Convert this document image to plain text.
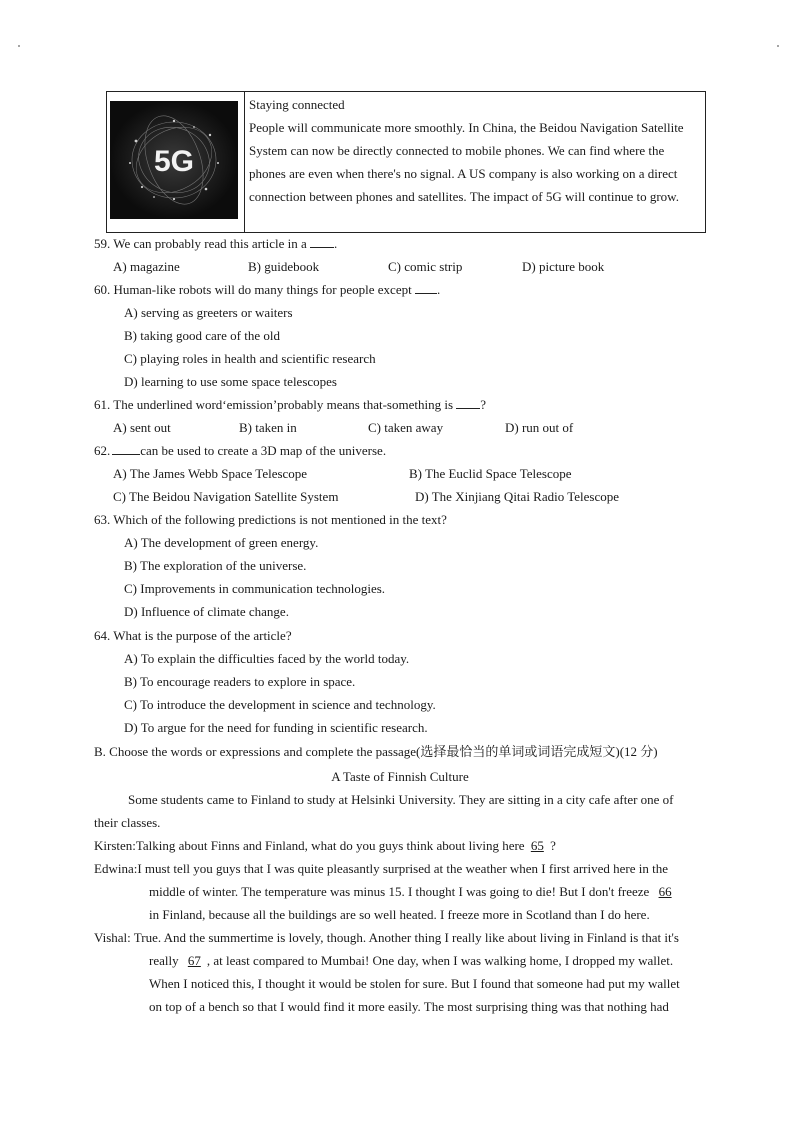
5G
Staying connected
People will communicate more smoothly. In China, the Beidou Navigation Satellite
System can now be directly connected to mobile phones. We can find where the
phones are even when there's no signal. A US company is also working on a direct
connection between phones and satellites. The impact of 5G will continue to grow.
59. We can probably read this article in a .
A) magazine	B) guidebook	C) comic strip	D) picture book
60. Human-like robots will do many things for people except .
A) serving as greeters or waiters
B) taking good care of the old
C) playing roles in health and scientific research
D) learning to use some space telescopes
61. The underlined word‘emission’probably means that-something is ?
A) sent out	B) taken in	C) taken away	D) run out of
62. can be used to create a 3D map of the universe.
A) The James Webb Space Telescope	B) The Euclid Space Telescope
C) The Beidou Navigation Satellite System	D) The Xinjiang Qitai Radio Telescope
63. Which of the following predictions is not mentioned in the text?
A) The development of green energy.
B) The exploration of the universe.
C) Improvements in communication technologies.
D) Influence of climate change.
64. What is the purpose of the article?
A) To explain the difficulties faced by the world today.
B) To encourage readers to explore in space.
C) To introduce the development in science and technology.
D) To argue for the need for funding in scientific research.
B. Choose the words or expressions and complete the passage(选择最恰当的单词或词语完成短文)(12 分)
A Taste of Finnish Culture
Some students came to Finland to study at Helsinki University. They are sitting in a city cafe after one of
their classes.
Kirsten:Talking about Finns and Finland, what do you guys think about living here 65 ?
Edwina:I must tell you guys that I was quite pleasantly surprised at the weather when I first arrived here in the
middle of winter. The temperature was minus 15. I thought I was going to die! But I don't freeze 66
in Finland, because all the buildings are so well heated. I freeze more in Scotland than I do here.
Vishal: True. And the summertime is lovely, though. Another thing I really like about living in Finland is that it's
really 67 , at least compared to Mumbai! One day, when I was walking home, I dropped my wallet.
When I noticed this, I thought it would be stolen for sure. But I found that someone had put my wallet
on top of a bench so that I would find it more easily. The most surprising thing was that nothing had
